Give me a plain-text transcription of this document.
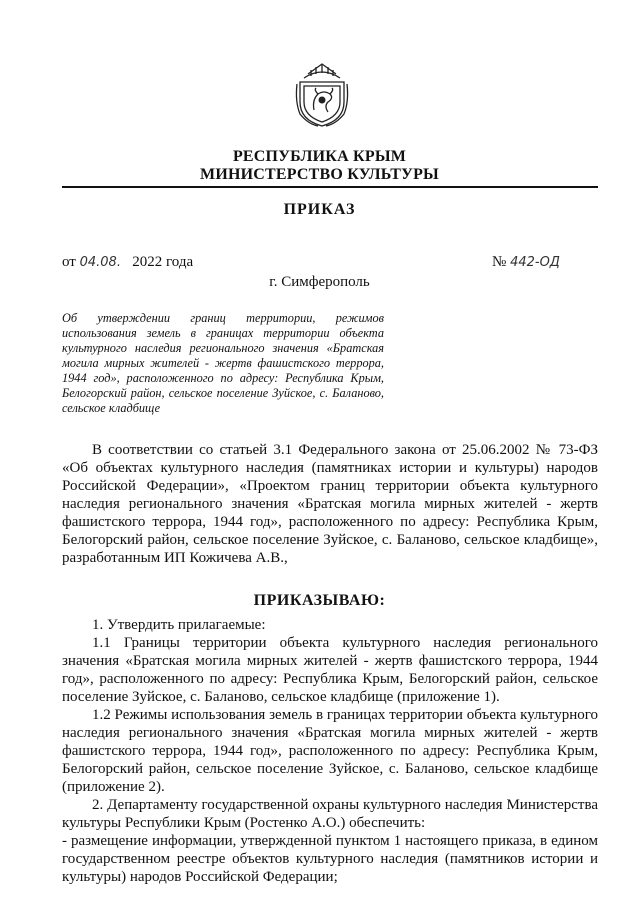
РЕСПУБЛИКА КРЫМ
МИНИСТЕРСТВО КУЛЬТУРЫ
ПРИКАЗ
от 04.08. 2022 года	№ 442-ОД
г. Симферополь
Об утверждении границ территории, режимов использования земель в границах территории объекта культурного наследия регионального значения «Братская могила мирных жителей - жертв фашистского террора, 1944 год», расположенного по адресу: Республика Крым, Белогорский район, сельское поселение Зуйское, с. Баланово, сельское кладбище

В соответствии со статьей 3.1 Федерального закона от 25.06.2002 № 73-ФЗ «Об объектах культурного наследия (памятниках истории и культуры) народов Российской Федерации», «Проектом границ территории объекта культурного наследия регионального значения «Братская могила мирных жителей - жертв фашистского террора, 1944 год», расположенного по адресу: Республика Крым, Белогорский район, сельское поселение Зуйское, с. Баланово, сельское кладбище», разработанным ИП Кожичева А.В.,

ПРИКАЗЫВАЮ:

1. Утвердить прилагаемые:

1.1 Границы территории объекта культурного наследия регионального значения «Братская могила мирных жителей - жертв фашистского террора, 1944 год», расположенного по адресу: Республика Крым, Белогорский район, сельское поселение Зуйское, с. Баланово, сельское кладбище (приложение 1).

1.2 Режимы использования земель в границах территории объекта культурного наследия регионального значения «Братская могила мирных жителей - жертв фашистского террора, 1944 год», расположенного по адресу: Республика Крым, Белогорский район, сельское поселение Зуйское, с. Баланово, сельское кладбище (приложение 2).

2. Департаменту государственной охраны культурного наследия Министерства культуры Республики Крым (Ростенко А.О.) обеспечить:

- размещение информации, утвержденной пунктом 1 настоящего приказа, в едином государственном реестре объектов культурного наследия (памятников истории и культуры) народов Российской Федерации;
